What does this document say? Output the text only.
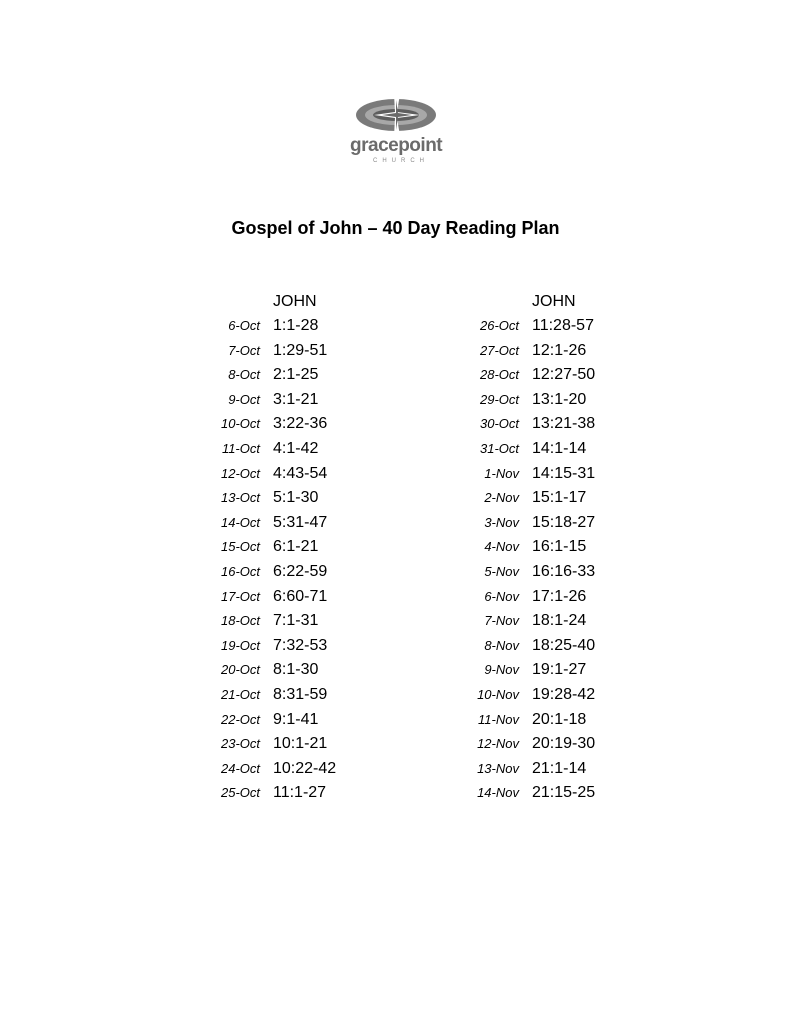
gracepoint
CHURCH
Gospel of John – 40 Day Reading Plan
JOHN
6-Oct 1:1-28
7-Oct 1:29-51
8-Oct 2:1-25
9-Oct 3:1-21
10-Oct 3:22-36
11-Oct 4:1-42
12-Oct 4:43-54
13-Oct 5:1-30
14-Oct 5:31-47
15-Oct 6:1-21
16-Oct 6:22-59
17-Oct 6:60-71
18-Oct 7:1-31
19-Oct 7:32-53
20-Oct 8:1-30
21-Oct 8:31-59
22-Oct 9:1-41
23-Oct 10:1-21
24-Oct 10:22-42
25-Oct 11:1-27
JOHN
26-Oct 11:28-57
27-Oct 12:1-26
28-Oct 12:27-50
29-Oct 13:1-20
30-Oct 13:21-38
31-Oct 14:1-14
1-Nov 14:15-31
2-Nov 15:1-17
3-Nov 15:18-27
4-Nov 16:1-15
5-Nov 16:16-33
6-Nov 17:1-26
7-Nov 18:1-24
8-Nov 18:25-40
9-Nov 19:1-27
10-Nov 19:28-42
11-Nov 20:1-18
12-Nov 20:19-30
13-Nov 21:1-14
14-Nov 21:15-25
